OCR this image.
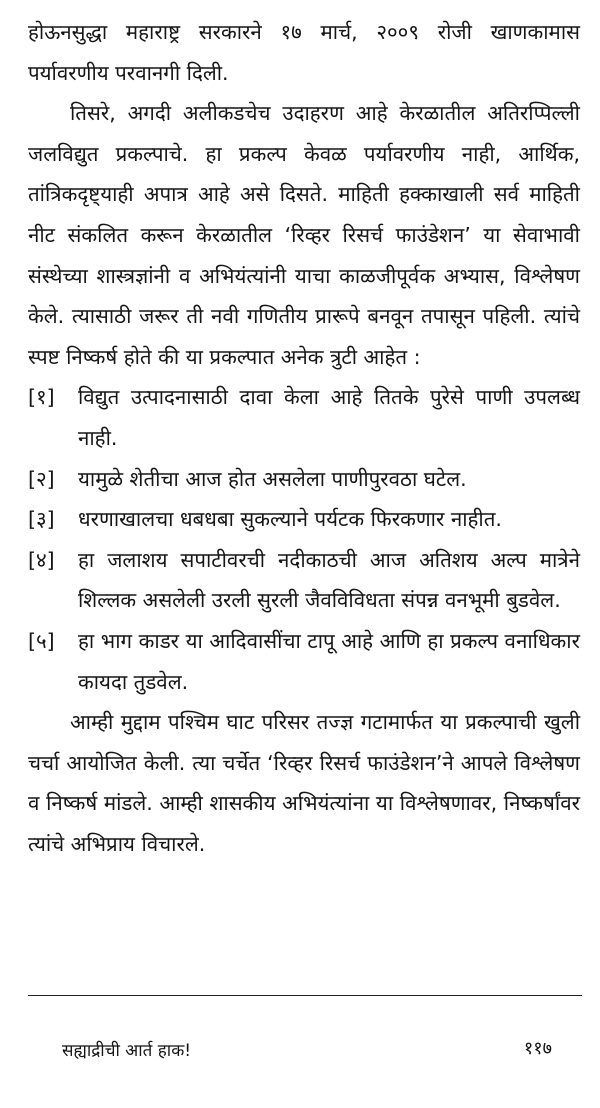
होऊनसुद्धा महाराष्ट्र सरकारने १७ मार्च, २००९ रोजी खाणकामास पर्यावरणीय परवानगी दिली.

तिसरे, अगदी अलीकडचेच उदाहरण आहे केरळातील अतिरप्पिल्ली जलविद्युत प्रकल्पाचे. हा प्रकल्प केवळ पर्यावरणीय नाही, आर्थिक, तांत्रिकदृष्ट्याही अपात्र आहे असे दिसते. माहिती हक्काखाली सर्व माहिती नीट संकलित करून केरळातील ‘रिव्हर रिसर्च फाउंडेशन’ या सेवाभावी संस्थेच्या शास्त्रज्ञांनी व अभियंत्यांनी याचा काळजीपूर्वक अभ्यास, विश्लेषण केले. त्यासाठी जरूर ती नवी गणितीय प्रारूपे बनवून तपासून पहिली. त्यांचे स्पष्ट निष्कर्ष होते की या प्रकल्पात अनेक त्रुटी आहेत :

[१]	विद्युत उत्पादनासाठी दावा केला आहे तितके पुरेसे पाणी उपलब्ध नाही.
[२]	यामुळे शेतीचा आज होत असलेला पाणीपुरवठा घटेल.
[३]	धरणाखालचा धबधबा सुकल्याने पर्यटक फिरकणार नाहीत.
[४]	हा जलाशय सपाटीवरची नदीकाठची आज अतिशय अल्प मात्रेने शिल्लक असलेली उरली सुरली जैवविविधता संपन्न वनभूमी बुडवेल.
[५]	हा भाग काडर या आदिवासींचा टापू आहे आणि हा प्रकल्प वनाधिकार कायदा तुडवेल.

आम्ही मुद्दाम पश्चिम घाट परिसर तज्ज्ञ गटामार्फत या प्रकल्पाची खुली चर्चा आयोजित केली. त्या चर्चेत ‘रिव्हर रिसर्च फाउंडेशन’ने आपले विश्लेषण व निष्कर्ष मांडले. आम्ही शासकीय अभियंत्यांना या विश्लेषणावर, निष्कर्षांवर त्यांचे अभिप्राय विचारले.

सह्याद्रीची आर्त हाक!	११७
